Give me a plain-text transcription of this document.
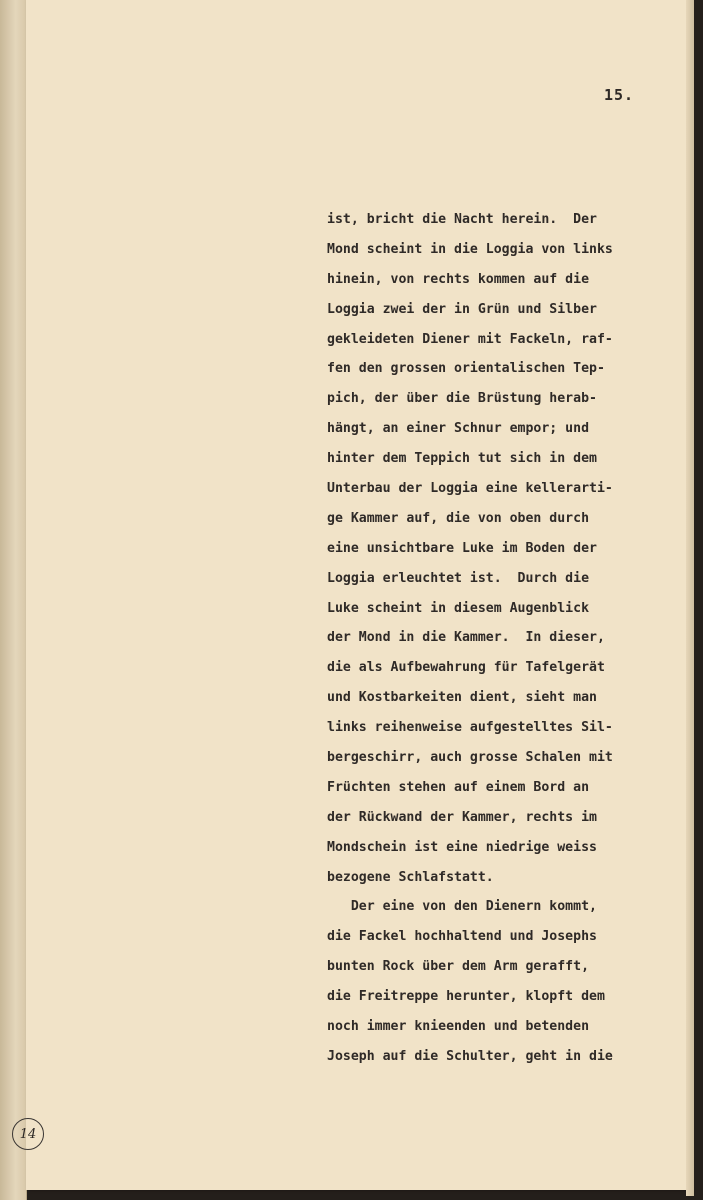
15.

ist, bricht die Nacht herein.  Der
Mond scheint in die Loggia von links
hinein, von rechts kommen auf die
Loggia zwei der in Grün und Silber
gekleideten Diener mit Fackeln, raf-
fen den grossen orientalischen Tep-
pich, der über die Brüstung herab-
hängt, an einer Schnur empor; und
hinter dem Teppich tut sich in dem
Unterbau der Loggia eine kellerarti-
ge Kammer auf, die von oben durch
eine unsichtbare Luke im Boden der
Loggia erleuchtet ist.  Durch die
Luke scheint in diesem Augenblick
der Mond in die Kammer.  In dieser,
die als Aufbewahrung für Tafelgerät
und Kostbarkeiten dient, sieht man
links reihenweise aufgestelltes Sil-
bergeschirr, auch grosse Schalen mit
Früchten stehen auf einem Bord an
der Rückwand der Kammer, rechts im
Mondschein ist eine niedrige weiss
bezogene Schlafstatt.
Der eine von den Dienern kommt,
die Fackel hochhaltend und Josephs
bunten Rock über dem Arm gerafft,
die Freitreppe herunter, klopft dem
noch immer knieenden und betenden
Joseph auf die Schulter, geht in die
14
